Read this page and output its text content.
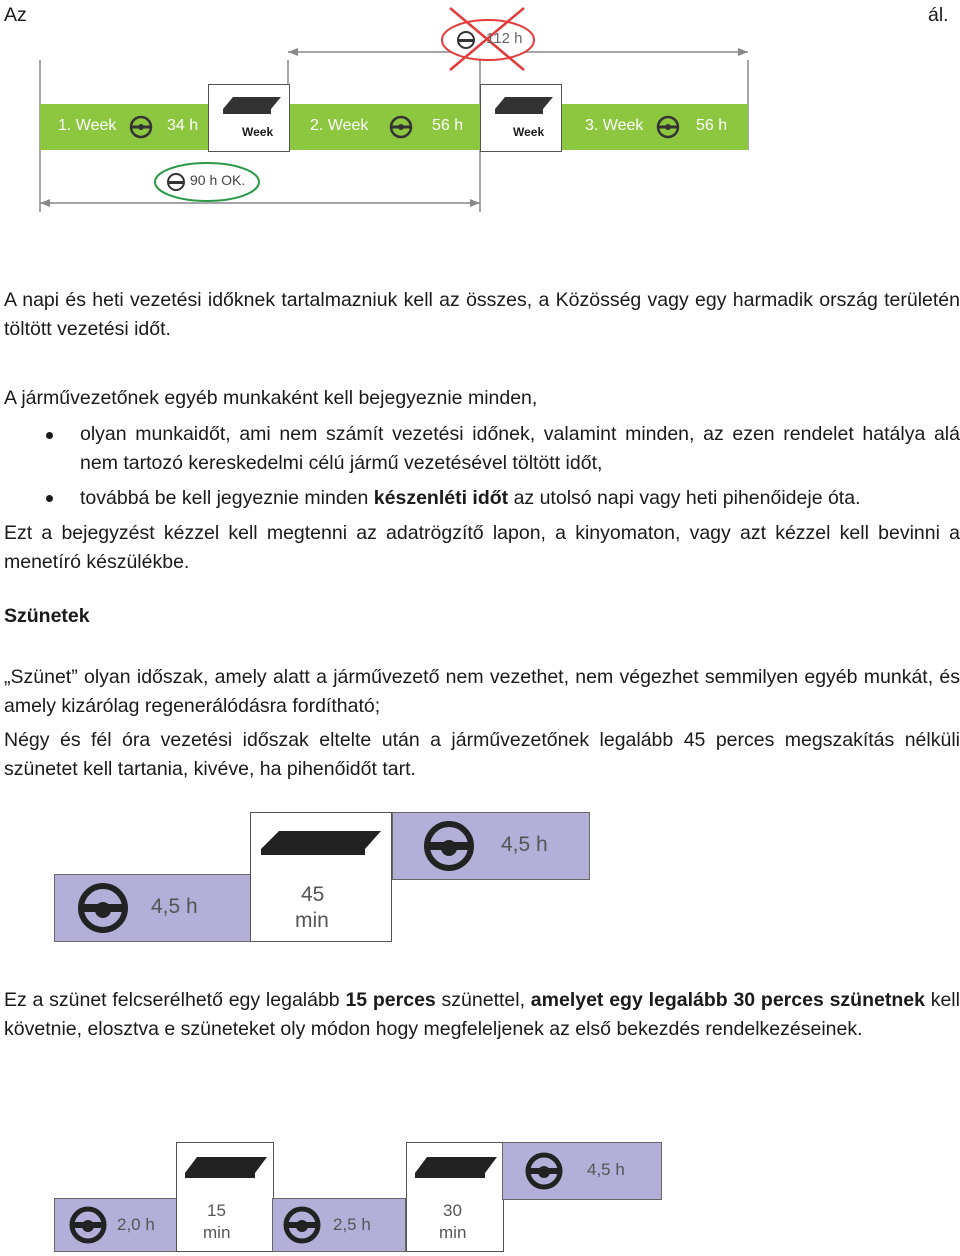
Az	ál.
112 h
1. Week	34 h	Week 2. Week	56 h	Week	3. Week	56 h
90 h OK.
A napi és heti vezetési időknek tartalmazniuk kell az összes, a Közösség vagy egy harmadik ország területén töltött vezetési időt.
A járművezetőnek egyéb munkaként kell bejegyeznie minden,
olyan munkaidőt, ami nem számít vezetési időnek, valamint minden, az ezen rendelet hatálya alá nem tartozó kereskedelmi célú jármű vezetésével töltött időt,
továbbá be kell jegyeznie minden készenléti időt az utolsó napi vagy heti pihenőideje óta.
Ezt a bejegyzést kézzel kell megtenni az adatrögzítő lapon, a kinyomaton, vagy azt kézzel kell bevinni a menetíró készülékbe.
Szünetek
„Szünet” olyan időszak, amely alatt a járművezető nem vezethet, nem végezhet semmilyen egyéb munkát, és amely kizárólag regenerálódásra fordítható;
Négy és fél óra vezetési időszak eltelte után a járművezetőnek legalább 45 perces megszakítás nélküli szünetet kell tartania, kivéve, ha pihenőidőt tart.
4,5 h
45
min
4,5 h
Ez a szünet felcserélhető egy legalább 15 perces szünettel, amelyet egy legalább 30 perces szünetnek kell követnie, elosztva e szüneteket oly módon hogy megfeleljenek az első bekezdés rendelkezéseinek.
2,0 h
15
min	2,5 h
30
min
4,5 h
